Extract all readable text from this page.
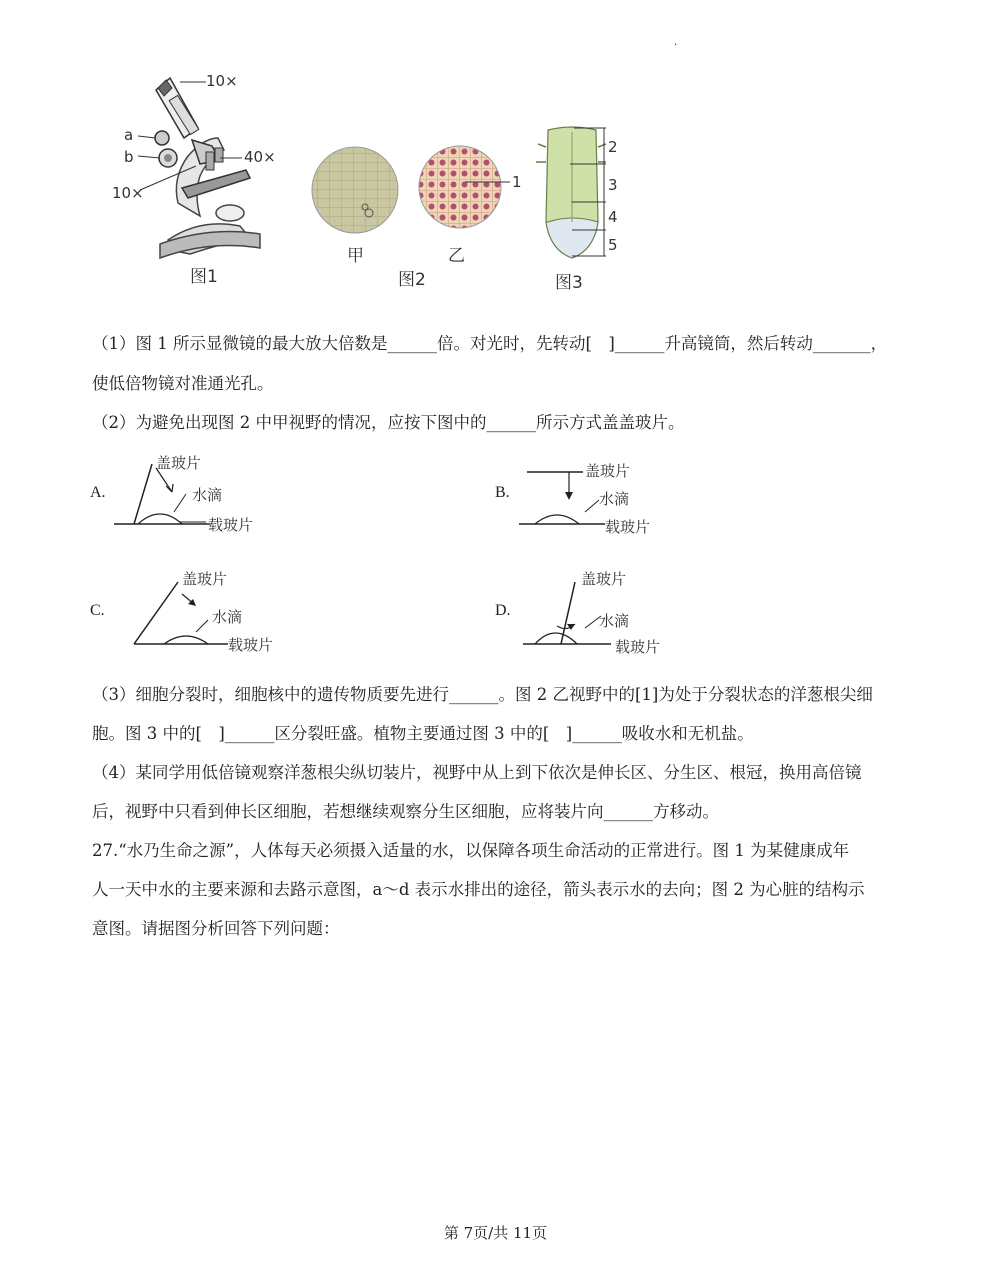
·
10×
a
b	40×
10×
图1
1
甲	乙
图2
2
3
4
5
图3
（1）图 1 所示显微镜的最大放大倍数是______倍。对光时，先转动[　]______升高镜筒，然后转动_______，
使低倍物镜对准通光孔。
（2）为避免出现图 2 中甲视野的情况，应按下图中的______所示方式盖盖玻片。
A.
盖玻片
水滴
载玻片
B.
盖玻片
水滴
载玻片
C.
盖玻片
水滴
载玻片
D.
盖玻片
水滴
载玻片
（3）细胞分裂时，细胞核中的遗传物质要先进行______。图 2 乙视野中的[1]为处于分裂状态的洋葱根尖细
胞。图 3 中的[　]______区分裂旺盛。植物主要通过图 3 中的[　]______吸收水和无机盐。
（4）某同学用低倍镜观察洋葱根尖纵切装片，视野中从上到下依次是伸长区、分生区、根冠，换用高倍镜
后，视野中只看到伸长区细胞，若想继续观察分生区细胞，应将装片向______方移动。
27.“水乃生命之源”，人体每天必须摄入适量的水，以保障各项生命活动的正常进行。图 1 为某健康成年
人一天中水的主要来源和去路示意图，a～d 表示水排出的途径，箭头表示水的去向；图 2 为心脏的结构示
意图。请据图分析回答下列问题：
第 7页/共 11页
